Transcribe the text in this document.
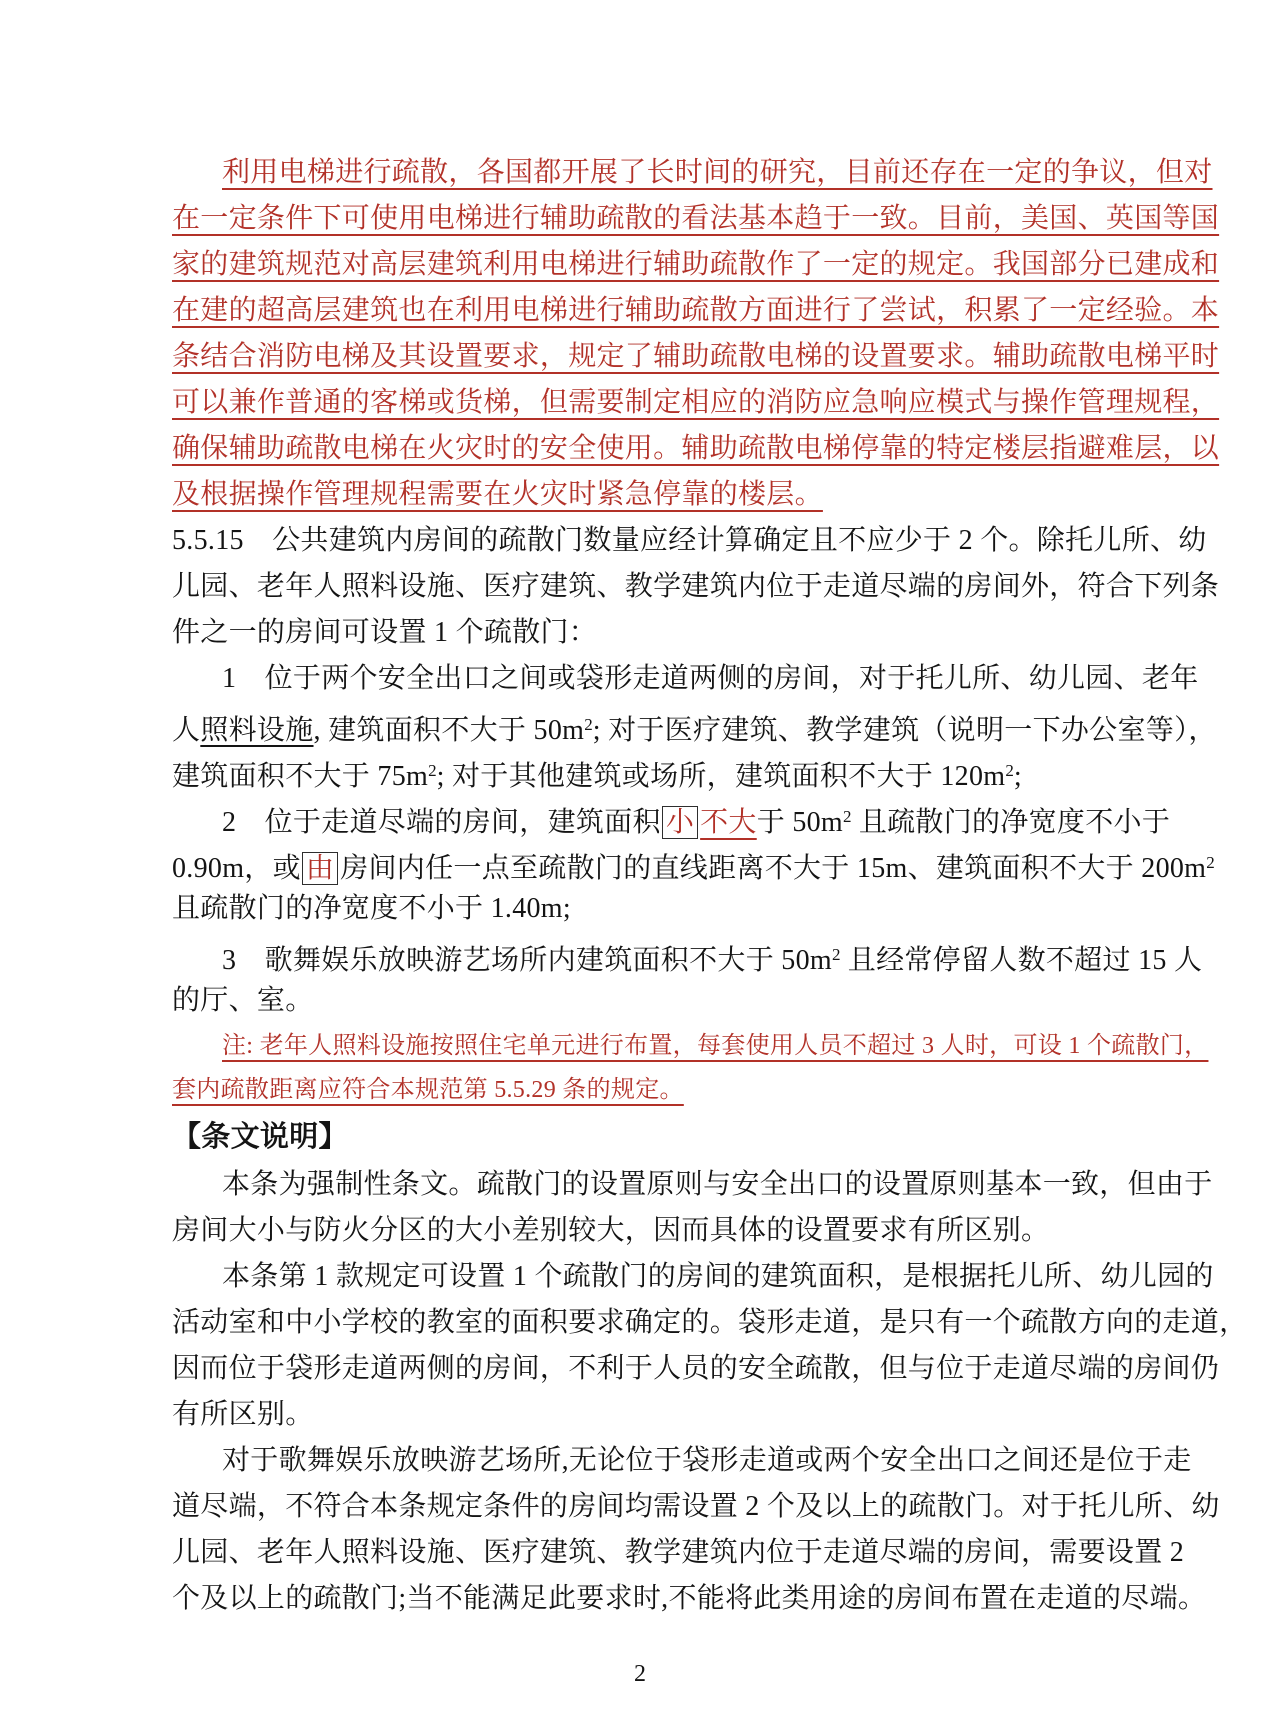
利用电梯进行疏散，各国都开展了长时间的研究，目前还存在一定的争议，但对
在一定条件下可使用电梯进行辅助疏散的看法基本趋于一致。目前，美国、英国等国
家的建筑规范对高层建筑利用电梯进行辅助疏散作了一定的规定。我国部分已建成和
在建的超高层建筑也在利用电梯进行辅助疏散方面进行了尝试，积累了一定经验。本
条结合消防电梯及其设置要求，规定了辅助疏散电梯的设置要求。辅助疏散电梯平时
可以兼作普通的客梯或货梯，但需要制定相应的消防应急响应模式与操作管理规程，
确保辅助疏散电梯在火灾时的安全使用。辅助疏散电梯停靠的特定楼层指避难层，以
及根据操作管理规程需要在火灾时紧急停靠的楼层。
5.5.15　公共建筑内房间的疏散门数量应经计算确定且不应少于 2 个。除托儿所、幼
儿园、老年人照料设施、医疗建筑、教学建筑内位于走道尽端的房间外，符合下列条
件之一的房间可设置 1 个疏散门：
1　位于两个安全出口之间或袋形走道两侧的房间，对于托儿所、幼儿园、老年
人照料设施, 建筑面积不大于 $50m^2$; 对于医疗建筑、教学建筑（说明一下办公室等），
建筑面积不大于 $75m^2$; 对于其他建筑或场所，建筑面积不大于 $120m^2$;
2　位于走道尽端的房间，建筑面积 小 不大于 $50m^2$ 且疏散门的净宽度不小于
0.90m，或 由 房间内任一点至疏散门的直线距离不大于 15m、建筑面积不大于 $200m^2$
且疏散门的净宽度不小于 1.40m;
3　歌舞娱乐放映游艺场所内建筑面积不大于 $50m^2$ 且经常停留人数不超过 15 人
的厅、室。
注: 老年人照料设施按照住宅单元进行布置，每套使用人员不超过 3 人时，可设 1 个疏散门，
套内疏散距离应符合本规范第 5.5.29 条的规定。
【条文说明】
本条为强制性条文。疏散门的设置原则与安全出口的设置原则基本一致，但由于
房间大小与防火分区的大小差别较大，因而具体的设置要求有所区别。
本条第 1 款规定可设置 1 个疏散门的房间的建筑面积，是根据托儿所、幼儿园的
活动室和中小学校的教室的面积要求确定的。袋形走道，是只有一个疏散方向的走道，
因而位于袋形走道两侧的房间，不利于人员的安全疏散，但与位于走道尽端的房间仍
有所区别。
对于歌舞娱乐放映游艺场所,无论位于袋形走道或两个安全出口之间还是位于走
道尽端，不符合本条规定条件的房间均需设置 2 个及以上的疏散门。对于托儿所、幼
儿园、老年人照料设施、医疗建筑、教学建筑内位于走道尽端的房间，需要设置 2
个及以上的疏散门;当不能满足此要求时,不能将此类用途的房间布置在走道的尽端。
2
